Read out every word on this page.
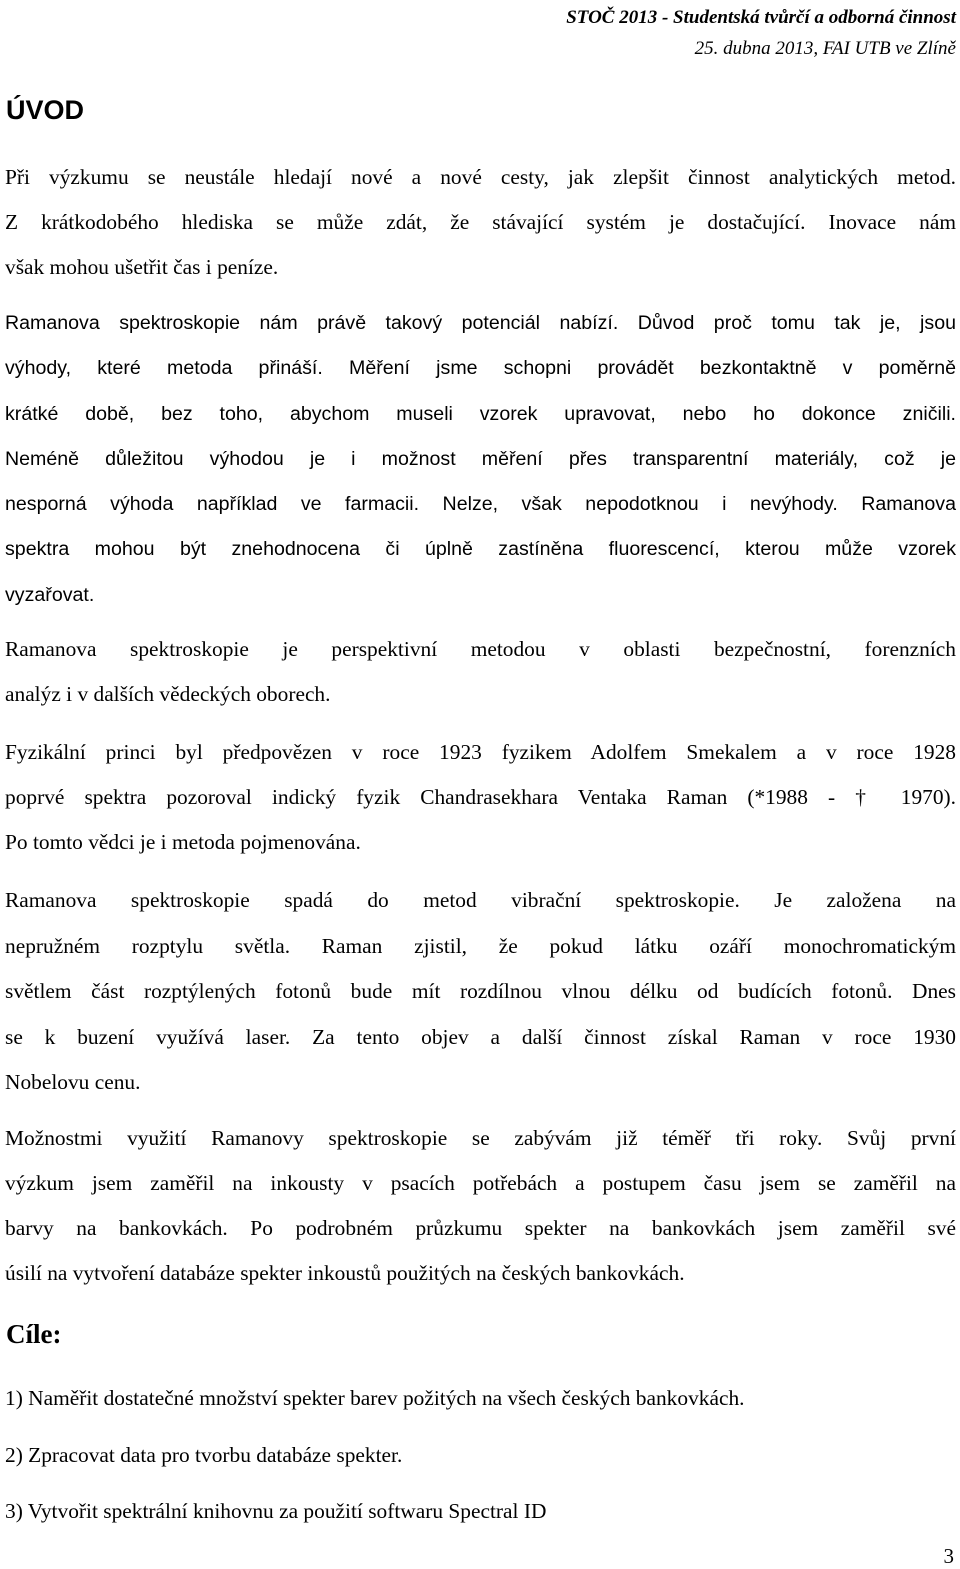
STOČ 2013 - Studentská tvůrčí a odborná činnost
25. dubna 2013, FAI UTB ve Zlíně
ÚVOD
Při výzkumu se neustále hledají nové a nové cesty, jak zlepšit činnost analytických metod.
Z krátkodobého hlediska se může zdát, že stávající systém je dostačující. Inovace nám
však mohou ušetřit čas i peníze.
Ramanova spektroskopie nám právě takový potenciál nabízí. Důvod proč tomu tak je, jsou
výhody, které metoda přináší. Měření jsme schopni provádět bezkontaktně v poměrně
krátké době, bez toho, abychom museli vzorek upravovat, nebo ho dokonce zničili.
Neméně důležitou výhodou je i možnost měření přes transparentní materiály, což je
nesporná výhoda například ve farmacii. Nelze, však nepodotknou i nevýhody. Ramanova
spektra mohou být znehodnocena či úplně zastíněna fluorescencí, kterou může vzorek
vyzařovat.
Ramanova spektroskopie je perspektivní metodou v oblasti bezpečnostní, forenzních
analýz i v dalších vědeckých oborech.
Fyzikální princi byl předpovězen v roce 1923 fyzikem Adolfem Smekalem a v roce 1928
poprvé spektra pozoroval indický fyzik Chandrasekhara Ventaka Raman (*1988 - † 1970).
Po tomto vědci je i metoda pojmenována.
Ramanova spektroskopie spadá do metod vibrační spektroskopie. Je založena na
nepružném rozptylu světla. Raman zjistil, že pokud látku ozáří monochromatickým
světlem část rozptýlených fotonů bude mít rozdílnou vlnou délku od budících fotonů. Dnes
se k buzení využívá laser. Za tento objev a další činnost získal Raman v roce 1930
Nobelovu cenu.
Možnostmi využití Ramanovy spektroskopie se zabývám již téměř tři roky. Svůj první
výzkum jsem zaměřil na inkousty v psacích potřebách a postupem času jsem se zaměřil na
barvy na bankovkách. Po podrobném průzkumu spekter na bankovkách jsem zaměřil své
úsilí na vytvoření databáze spekter inkoustů použitých na českých bankovkách.
Cíle:

1) Naměřit dostatečné množství spekter barev požitých na všech českých bankovkách.

2) Zpracovat data pro tvorbu databáze spekter.

3) Vytvořit spektrální knihovnu za použití softwaru Spectral ID

3
